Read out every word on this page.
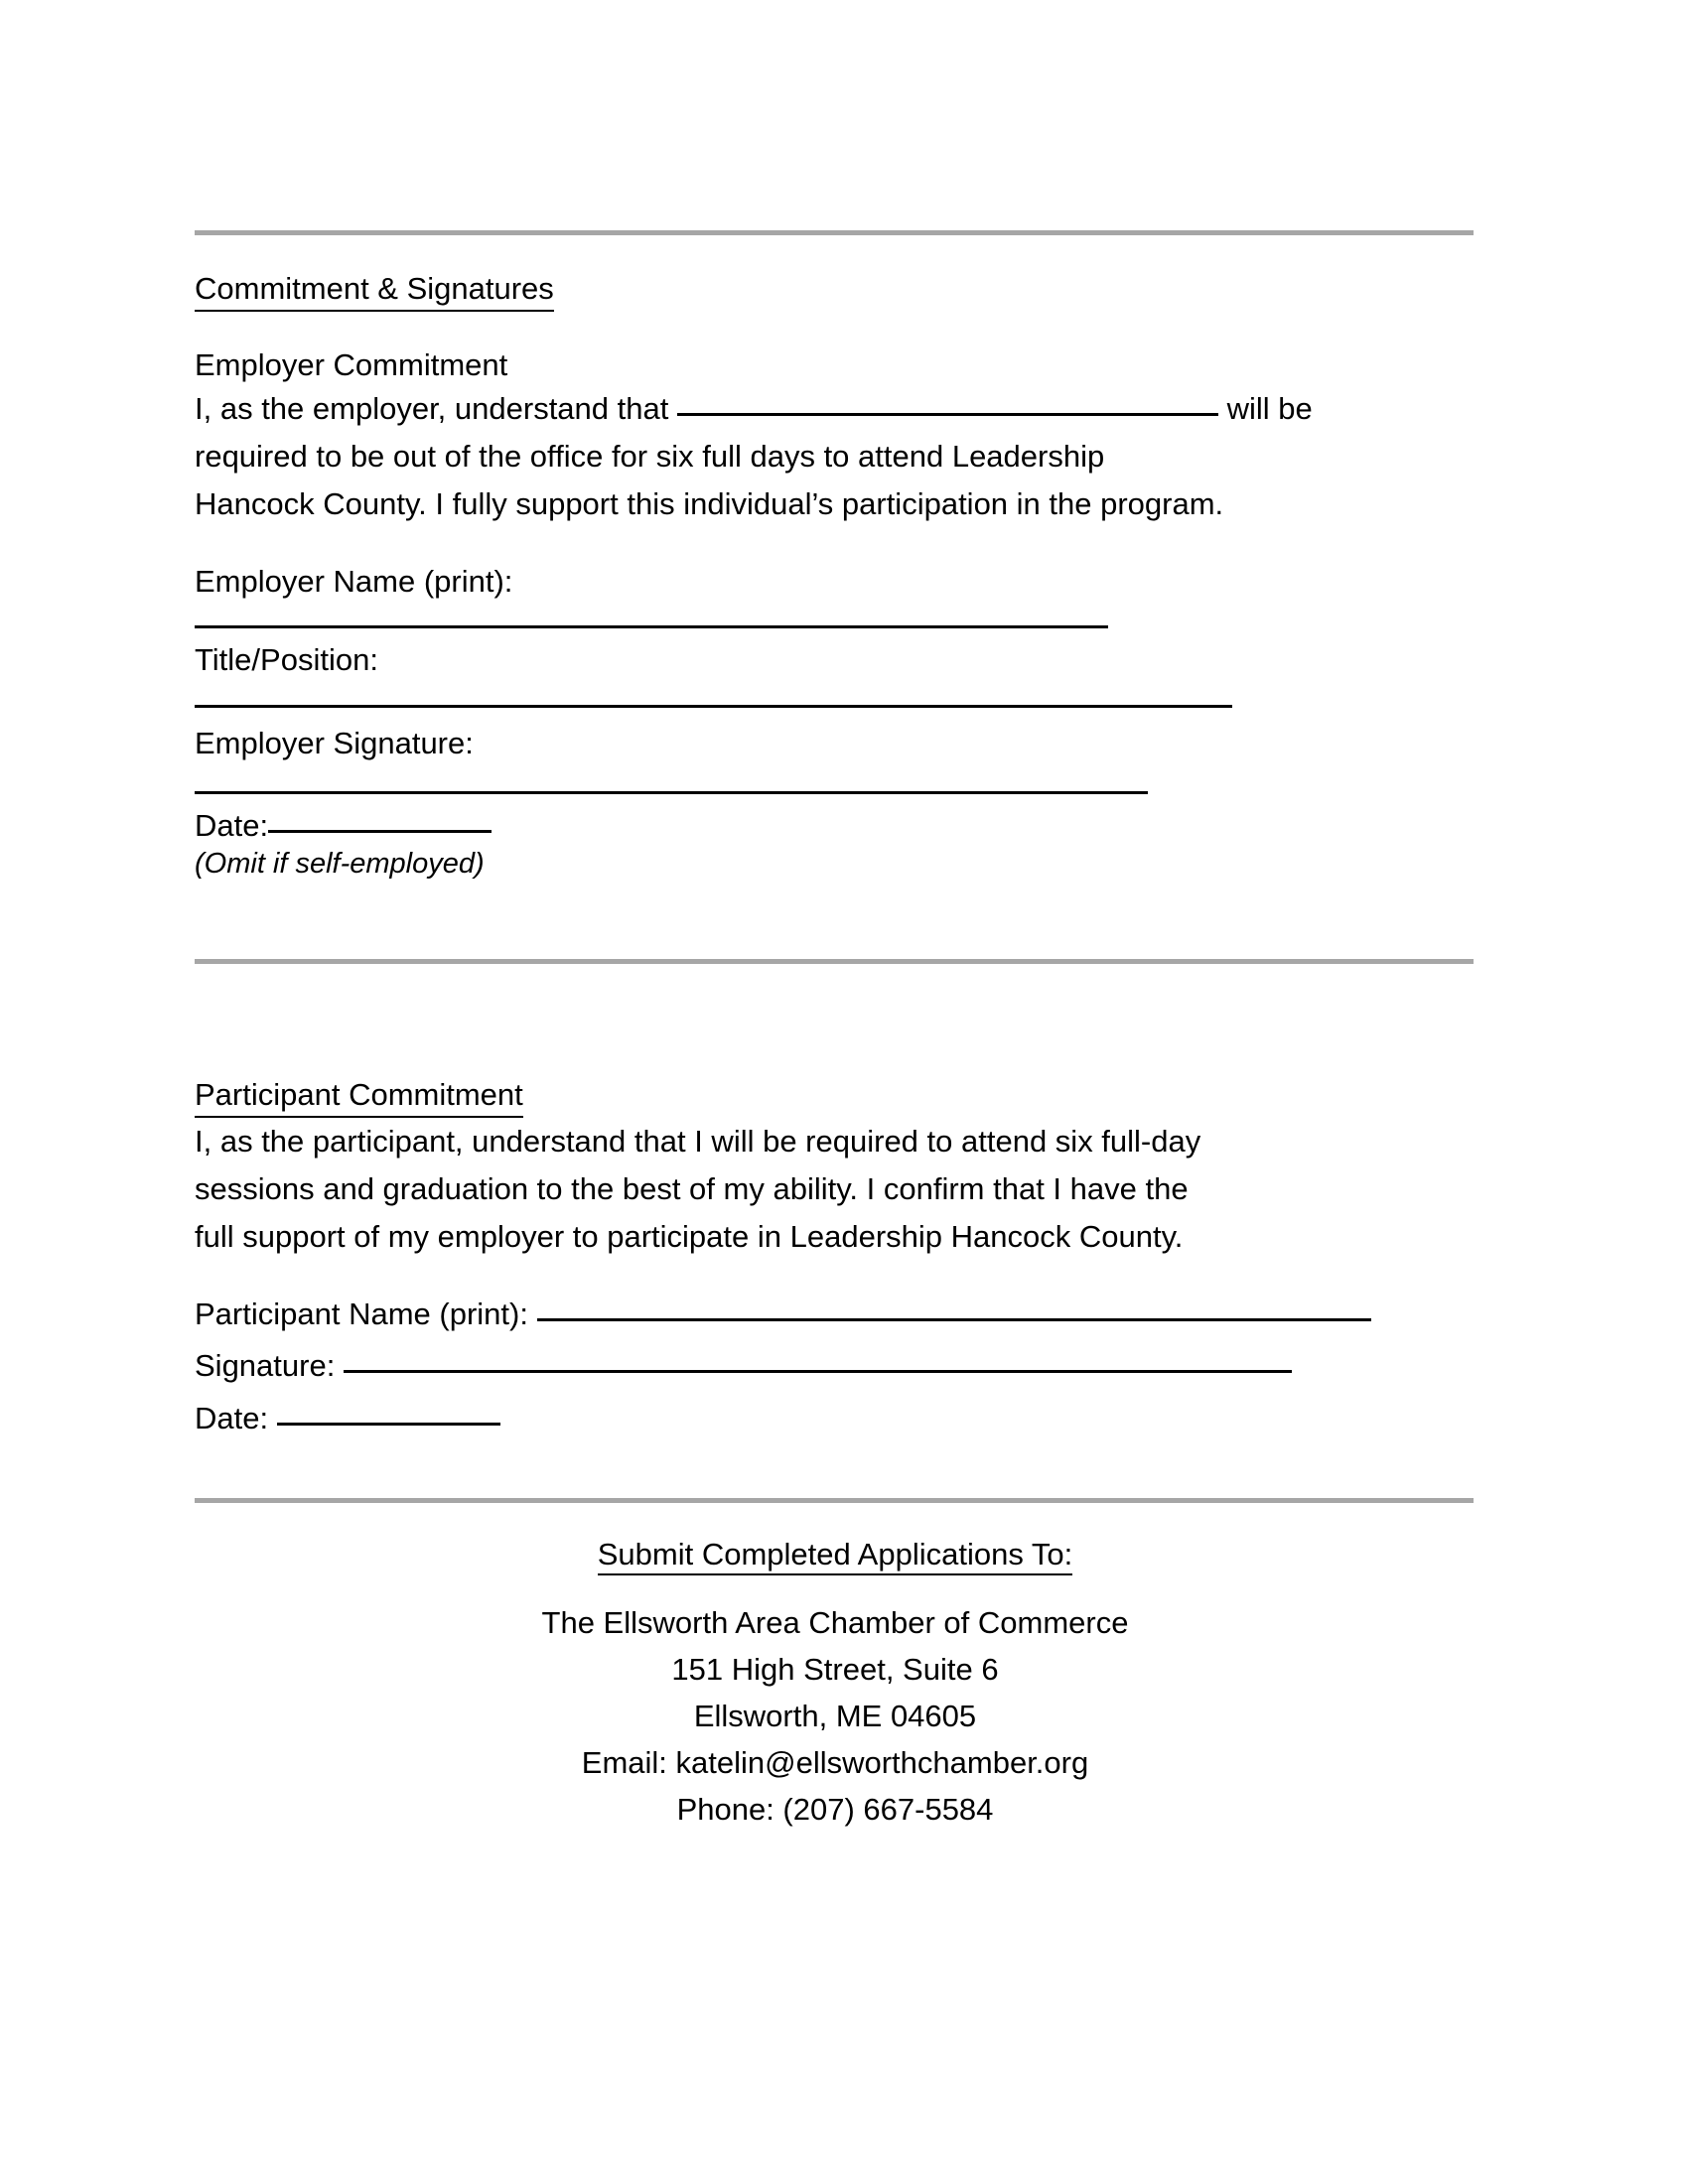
Commitment & Signatures
Employer Commitment
I, as the employer, understand that	will be
required to be out of the office for six full days to attend Leadership
Hancock County. I fully support this individual’s participation in the program.
Employer Name (print):
Title/Position:
Employer Signature:
Date:
(Omit if self-employed)
Participant Commitment
I, as the participant, understand that I will be required to attend six full-day
sessions and graduation to the best of my ability. I confirm that I have the
full support of my employer to participate in Leadership Hancock County.
Participant Name (print):
Signature:
Date:
Submit Completed Applications To:
The Ellsworth Area Chamber of Commerce
151 High Street, Suite 6
Ellsworth, ME 04605
Email: katelin@ellsworthchamber.org
Phone: (207) 667-5584
